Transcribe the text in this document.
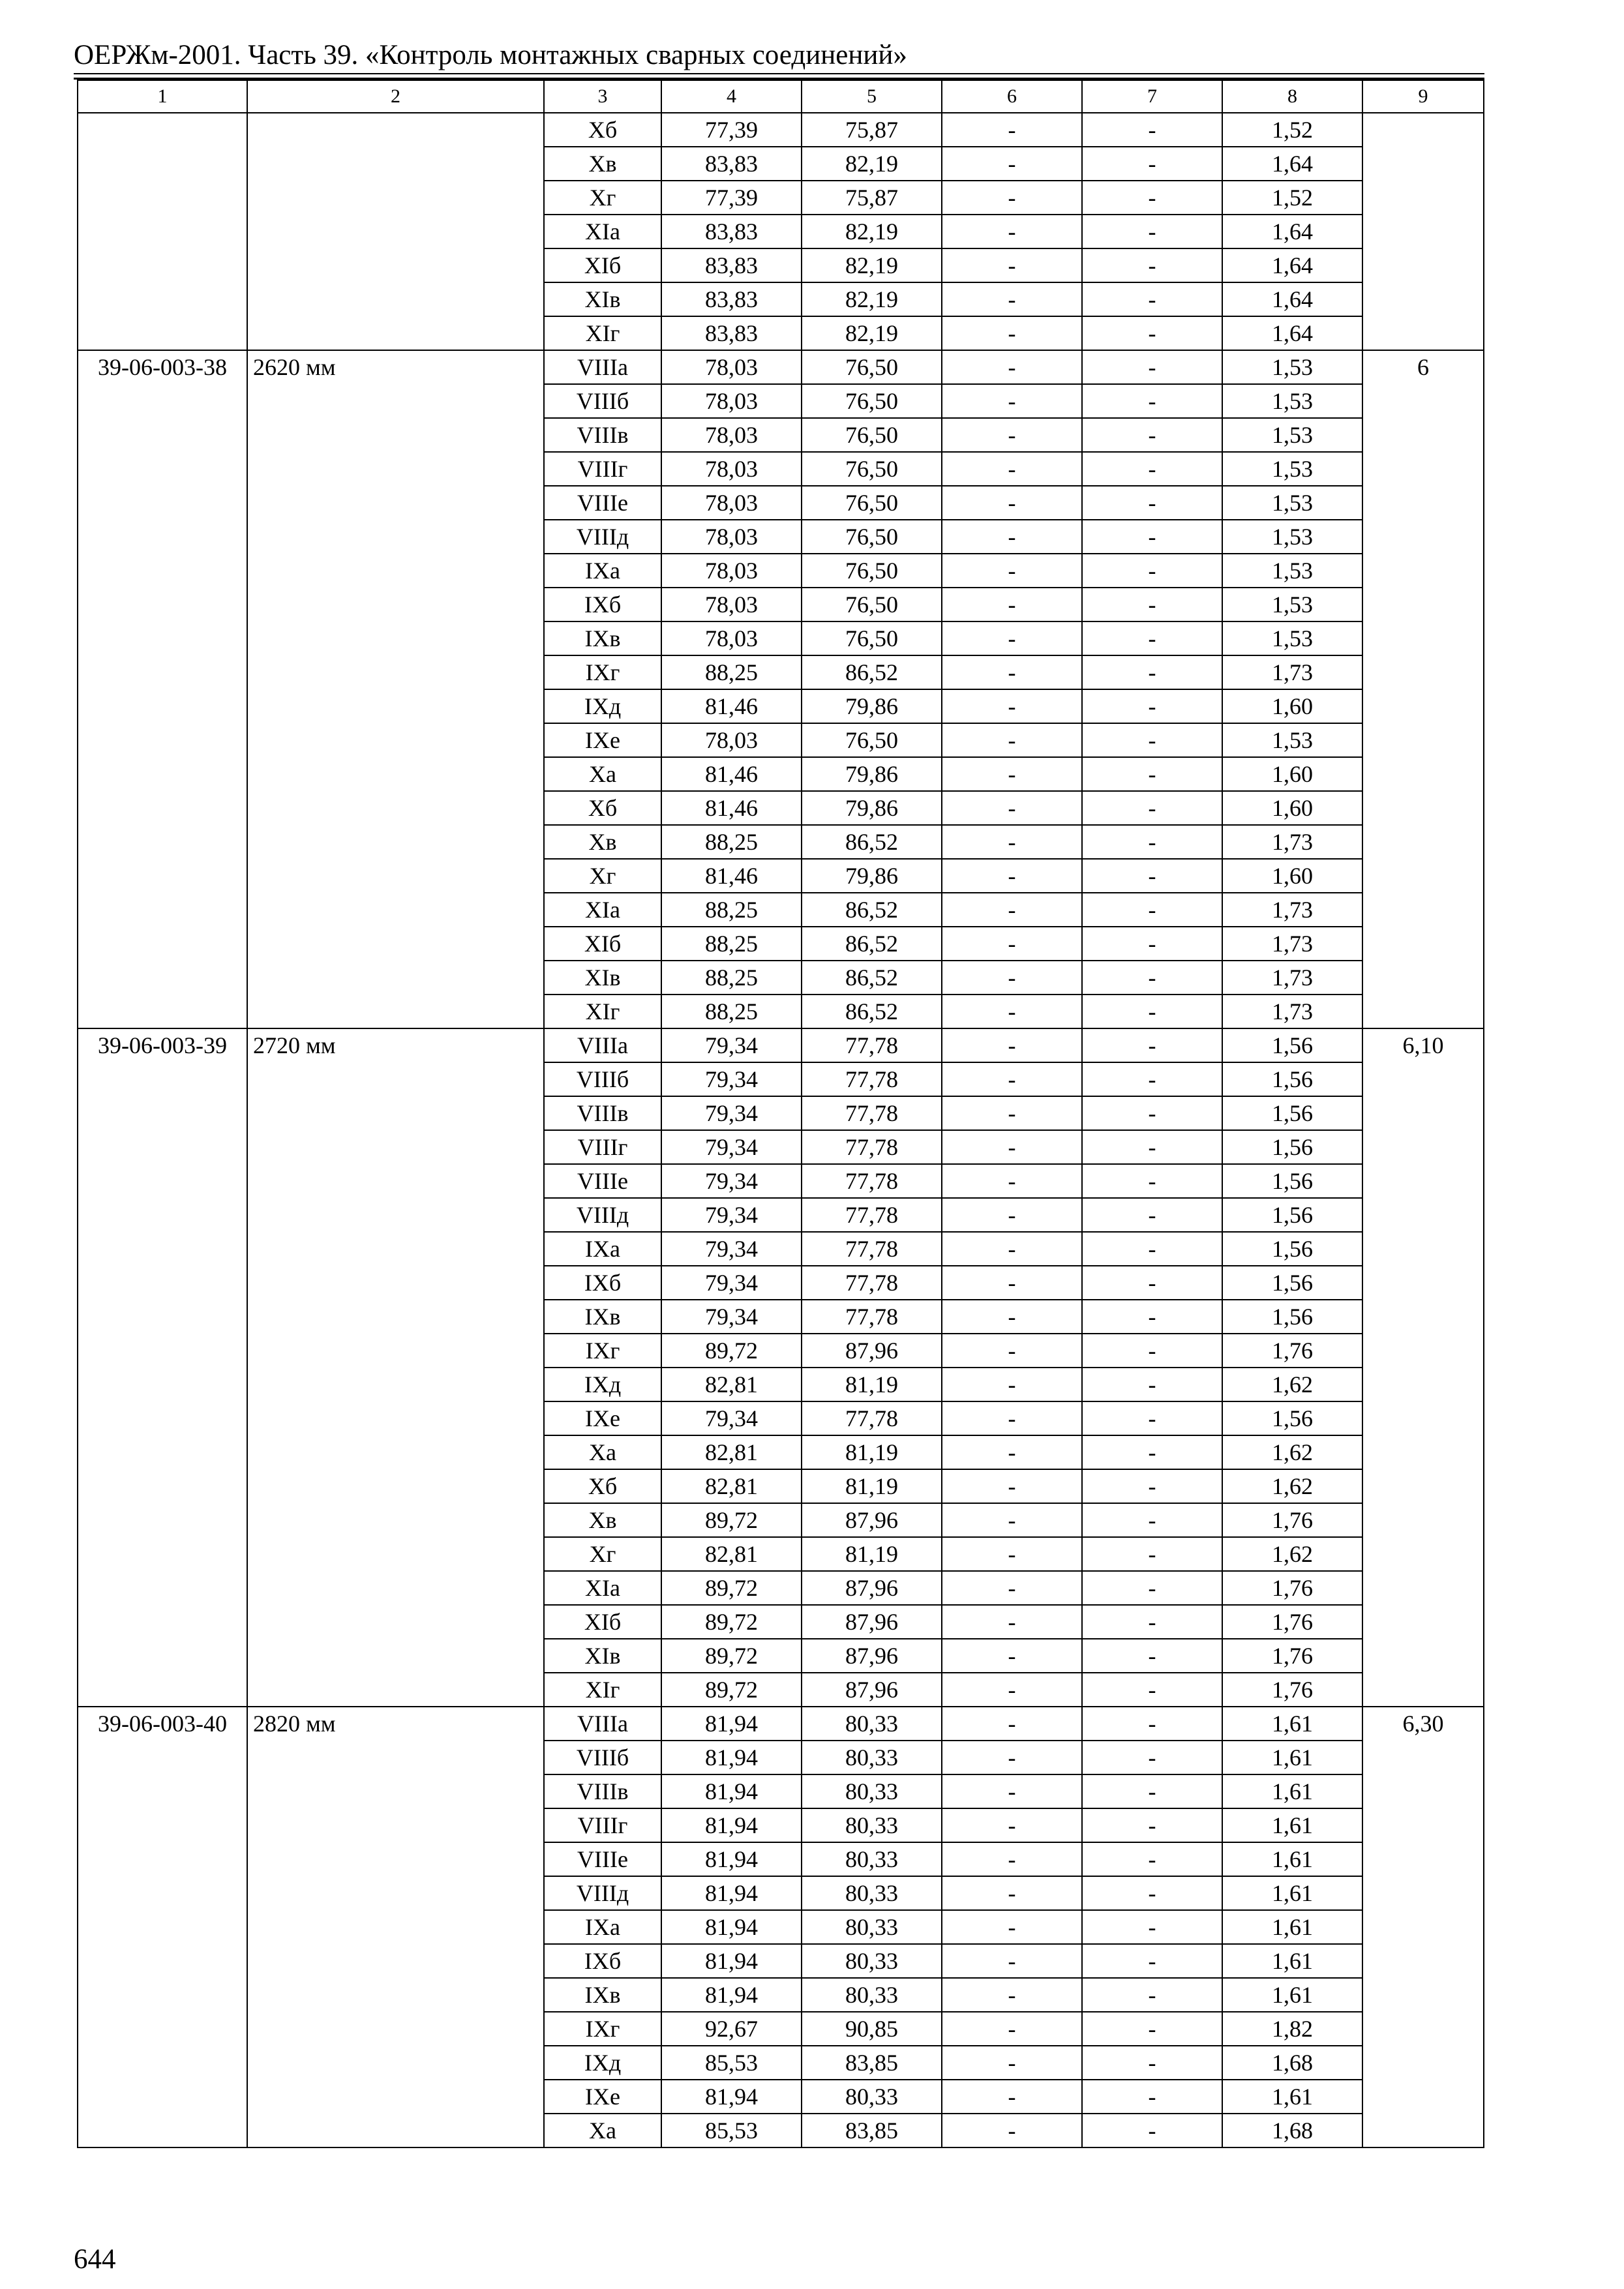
ОЕРЖм-2001. Часть 39. «Контроль монтажных сварных соединений»
1	2	3	4	5	6	7	8	9
		Xб	77,39	75,87	-	-	1,52	
		Xв	83,83	82,19	-	-	1,64	
		Xг	77,39	75,87	-	-	1,52	
		XIа	83,83	82,19	-	-	1,64	
		XIб	83,83	82,19	-	-	1,64	
		XIв	83,83	82,19	-	-	1,64	
		XIг	83,83	82,19	-	-	1,64	
39-06-003-38	2620 мм	VIIIа	78,03	76,50	-	-	1,53	6
		VIIIб	78,03	76,50	-	-	1,53	
		VIIIв	78,03	76,50	-	-	1,53	
		VIIIг	78,03	76,50	-	-	1,53	
		VIIIе	78,03	76,50	-	-	1,53	
		VIIIд	78,03	76,50	-	-	1,53	
		IXа	78,03	76,50	-	-	1,53	
		IXб	78,03	76,50	-	-	1,53	
		IXв	78,03	76,50	-	-	1,53	
		IXг	88,25	86,52	-	-	1,73	
		IXд	81,46	79,86	-	-	1,60	
		IXе	78,03	76,50	-	-	1,53	
		Xа	81,46	79,86	-	-	1,60	
		Xб	81,46	79,86	-	-	1,60	
		Xв	88,25	86,52	-	-	1,73	
		Xг	81,46	79,86	-	-	1,60	
		XIа	88,25	86,52	-	-	1,73	
		XIб	88,25	86,52	-	-	1,73	
		XIв	88,25	86,52	-	-	1,73	
		XIг	88,25	86,52	-	-	1,73	
39-06-003-39	2720 мм	VIIIа	79,34	77,78	-	-	1,56	6,10
		VIIIб	79,34	77,78	-	-	1,56	
		VIIIв	79,34	77,78	-	-	1,56	
		VIIIг	79,34	77,78	-	-	1,56	
		VIIIе	79,34	77,78	-	-	1,56	
		VIIIд	79,34	77,78	-	-	1,56	
		IXа	79,34	77,78	-	-	1,56	
		IXб	79,34	77,78	-	-	1,56	
		IXв	79,34	77,78	-	-	1,56	
		IXг	89,72	87,96	-	-	1,76	
		IXд	82,81	81,19	-	-	1,62	
		IXе	79,34	77,78	-	-	1,56	
		Xа	82,81	81,19	-	-	1,62	
		Xб	82,81	81,19	-	-	1,62	
		Xв	89,72	87,96	-	-	1,76	
		Xг	82,81	81,19	-	-	1,62	
		XIа	89,72	87,96	-	-	1,76	
		XIб	89,72	87,96	-	-	1,76	
		XIв	89,72	87,96	-	-	1,76	
		XIг	89,72	87,96	-	-	1,76	
39-06-003-40	2820 мм	VIIIа	81,94	80,33	-	-	1,61	6,30
		VIIIб	81,94	80,33	-	-	1,61	
		VIIIв	81,94	80,33	-	-	1,61	
		VIIIг	81,94	80,33	-	-	1,61	
		VIIIе	81,94	80,33	-	-	1,61	
		VIIIд	81,94	80,33	-	-	1,61	
		IXа	81,94	80,33	-	-	1,61	
		IXб	81,94	80,33	-	-	1,61	
		IXв	81,94	80,33	-	-	1,61	
		IXг	92,67	90,85	-	-	1,82	
		IXд	85,53	83,85	-	-	1,68	
		IXе	81,94	80,33	-	-	1,61	
		Xа	85,53	83,85	-	-	1,68	
644
